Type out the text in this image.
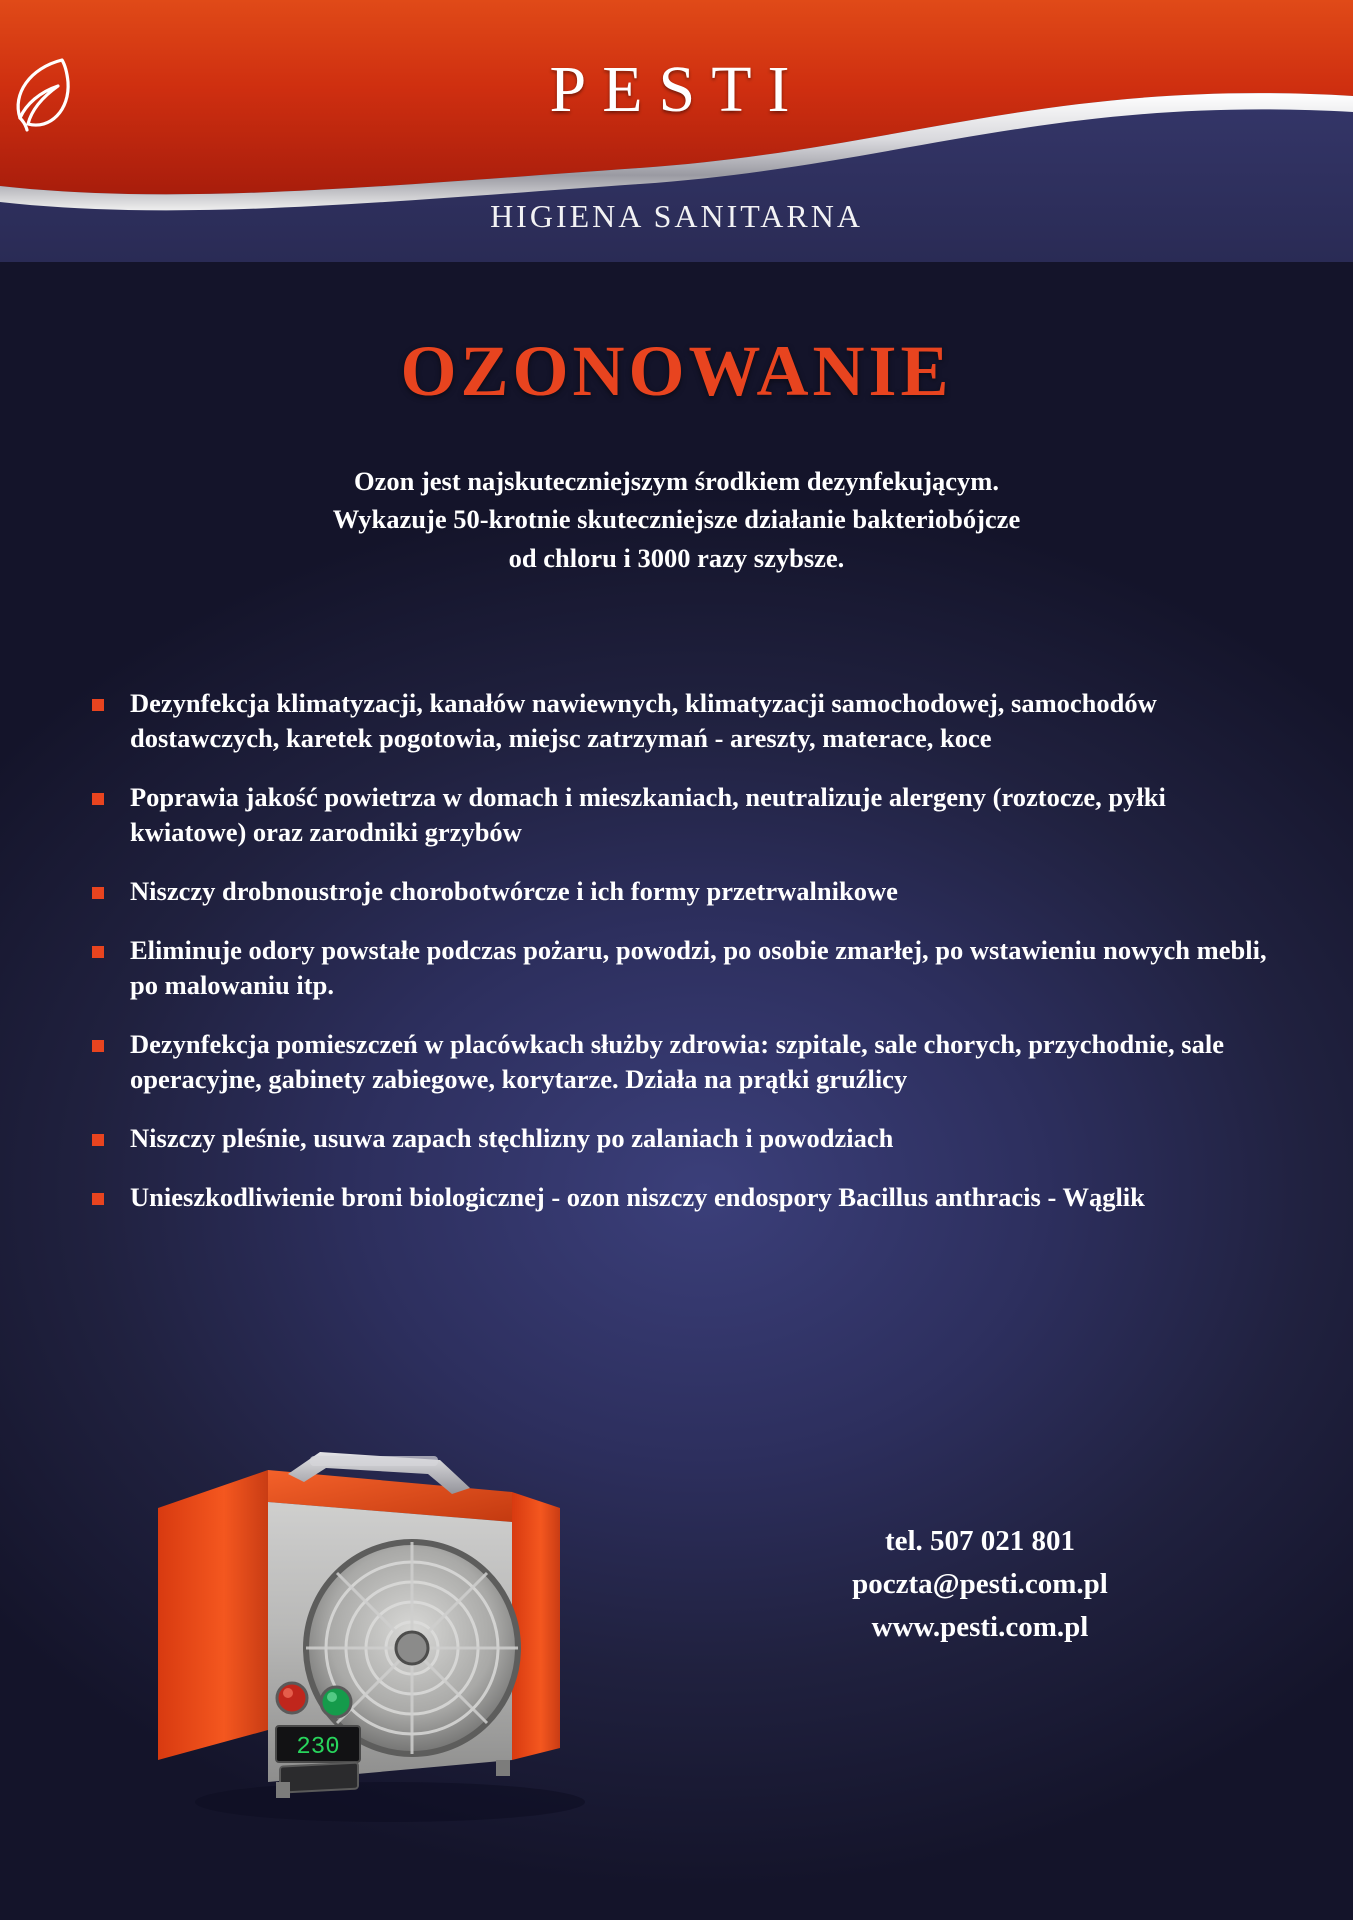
PESTI
HIGIENA SANITARNA
OZONOWANIE
Ozon jest najskuteczniejszym środkiem dezynfekującym.
Wykazuje 50-krotnie skuteczniejsze działanie bakteriobójcze
od chloru i 3000 razy szybsze.
Dezynfekcja klimatyzacji, kanałów nawiewnych, klimatyzacji samochodowej, samochodów dostawczych, karetek pogotowia, miejsc zatrzymań - areszty, materace, koce
Poprawia jakość powietrza w domach i mieszkaniach, neutralizuje alergeny (roztocze, pyłki kwiatowe) oraz zarodniki grzybów
Niszczy drobnoustroje chorobotwórcze i ich formy przetrwalnikowe
Eliminuje odory powstałe podczas pożaru, powodzi, po osobie zmarłej, po wstawieniu nowych mebli, po malowaniu itp.
Dezynfekcja pomieszczeń w placówkach służby zdrowia: szpitale, sale chorych, przychodnie, sale operacyjne, gabinety zabiegowe, korytarze. Działa na prątki gruźlicy
Niszczy pleśnie, usuwa zapach stęchlizny po zalaniach i powodziach
Unieszkodliwienie broni biologicznej - ozon niszczy endospory Bacillus anthracis - Wąglik
230
tel. 507 021 801
poczta@pesti.com.pl
www.pesti.com.pl
